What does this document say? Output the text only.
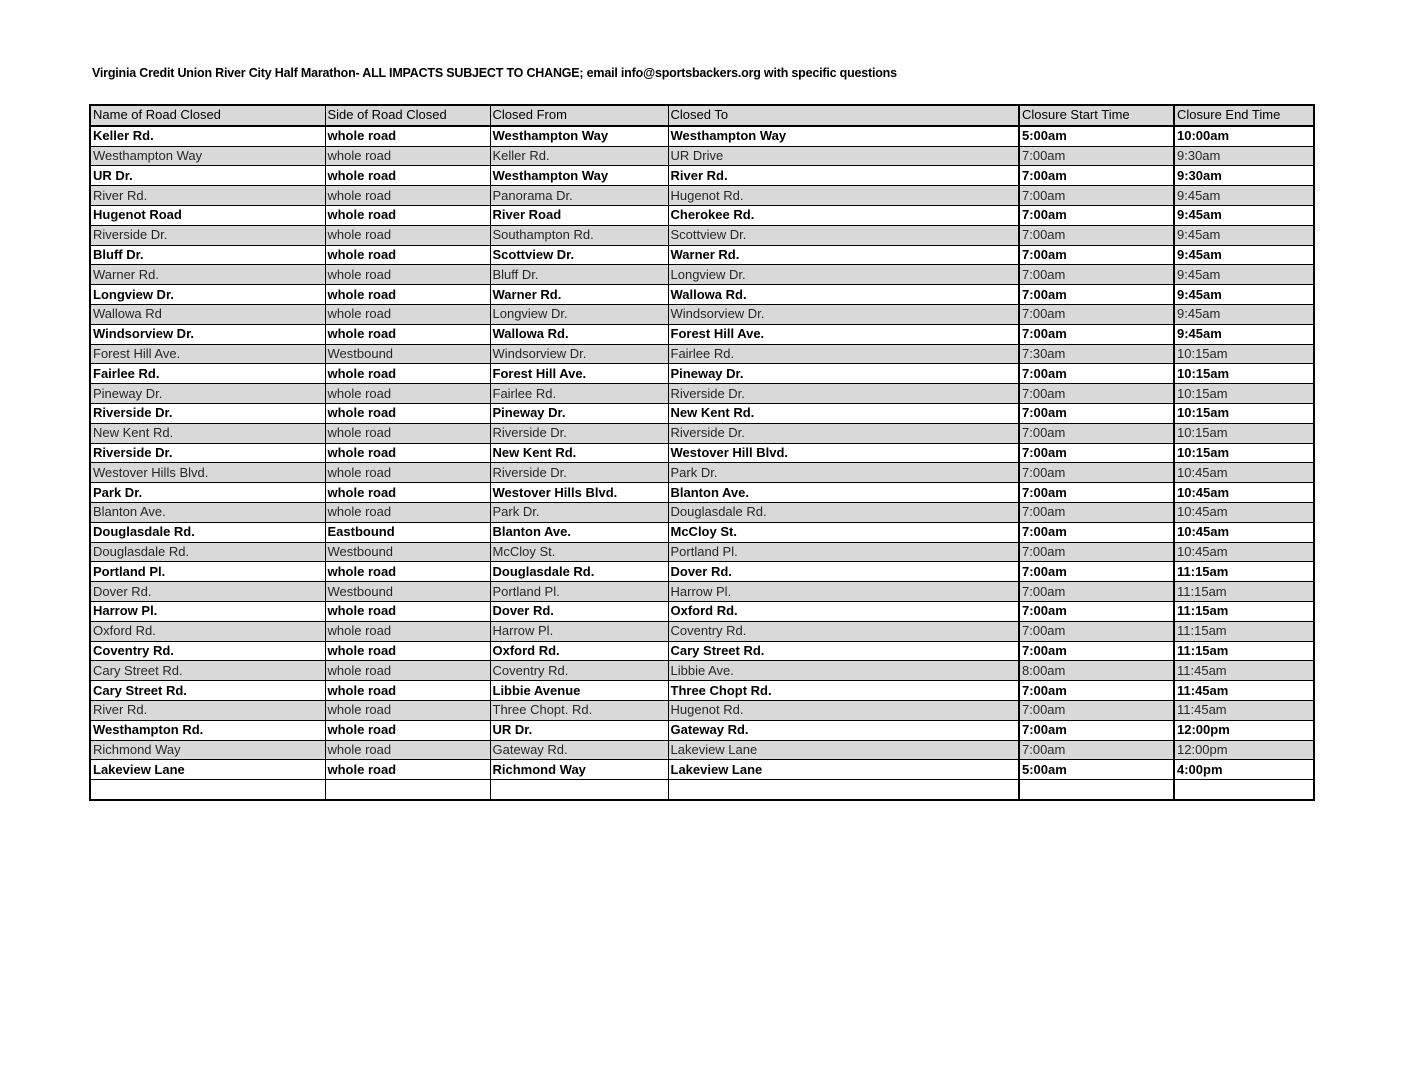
Virginia Credit Union River City Half Marathon- ALL IMPACTS SUBJECT TO CHANGE; email info@sportsbackers.org with specific questions
Name of Road Closed	Side of Road Closed	Closed From	Closed To	Closure Start Time	Closure End Time
Keller Rd.	whole road	Westhampton Way	Westhampton Way	5:00am	10:00am
Westhampton Way	whole road	Keller Rd.	UR Drive	7:00am	9:30am
UR Dr.	whole road	Westhampton Way	River Rd.	7:00am	9:30am
River Rd.	whole road	Panorama Dr.	Hugenot Rd.	7:00am	9:45am
Hugenot Road	whole road	River Road	Cherokee Rd.	7:00am	9:45am
Riverside Dr.	whole road	Southampton Rd.	Scottview Dr.	7:00am	9:45am
Bluff Dr.	whole road	Scottview Dr.	Warner Rd.	7:00am	9:45am
Warner Rd.	whole road	Bluff Dr.	Longview Dr.	7:00am	9:45am
Longview Dr.	whole road	Warner Rd.	Wallowa Rd.	7:00am	9:45am
Wallowa Rd	whole road	Longview Dr.	Windsorview Dr.	7:00am	9:45am
Windsorview Dr.	whole road	Wallowa Rd.	Forest Hill Ave.	7:00am	9:45am
Forest Hill Ave.	Westbound	Windsorview Dr.	Fairlee Rd.	7:30am	10:15am
Fairlee Rd.	whole road	Forest Hill Ave.	Pineway Dr.	7:00am	10:15am
Pineway Dr.	whole road	Fairlee Rd.	Riverside Dr.	7:00am	10:15am
Riverside Dr.	whole road	Pineway Dr.	New Kent Rd.	7:00am	10:15am
New Kent Rd.	whole road	Riverside Dr.	Riverside Dr.	7:00am	10:15am
Riverside Dr.	whole road	New Kent Rd.	Westover Hill Blvd.	7:00am	10:15am
Westover Hills Blvd.	whole road	Riverside Dr.	Park Dr.	7:00am	10:45am
Park Dr.	whole road	Westover Hills Blvd.	Blanton Ave.	7:00am	10:45am
Blanton Ave.	whole road	Park Dr.	Douglasdale Rd.	7:00am	10:45am
Douglasdale Rd.	Eastbound	Blanton Ave.	McCloy St.	7:00am	10:45am
Douglasdale Rd.	Westbound	McCloy St.	Portland Pl.	7:00am	10:45am
Portland Pl.	whole road	Douglasdale Rd.	Dover Rd.	7:00am	11:15am
Dover Rd.	Westbound	Portland Pl.	Harrow Pl.	7:00am	11:15am
Harrow Pl.	whole road	Dover Rd.	Oxford Rd.	7:00am	11:15am
Oxford Rd.	whole road	Harrow Pl.	Coventry Rd.	7:00am	11:15am
Coventry Rd.	whole road	Oxford Rd.	Cary Street Rd.	7:00am	11:15am
Cary Street Rd.	whole road	Coventry Rd.	Libbie Ave.	8:00am	11:45am
Cary Street Rd.	whole road	Libbie Avenue	Three Chopt Rd.	7:00am	11:45am
River Rd.	whole road	Three Chopt. Rd.	Hugenot Rd.	7:00am	11:45am
Westhampton Rd.	whole road	UR Dr.	Gateway Rd.	7:00am	12:00pm
Richmond Way	whole road	Gateway Rd.	Lakeview Lane	7:00am	12:00pm
Lakeview Lane	whole road	Richmond Way	Lakeview Lane	5:00am	4:00pm
